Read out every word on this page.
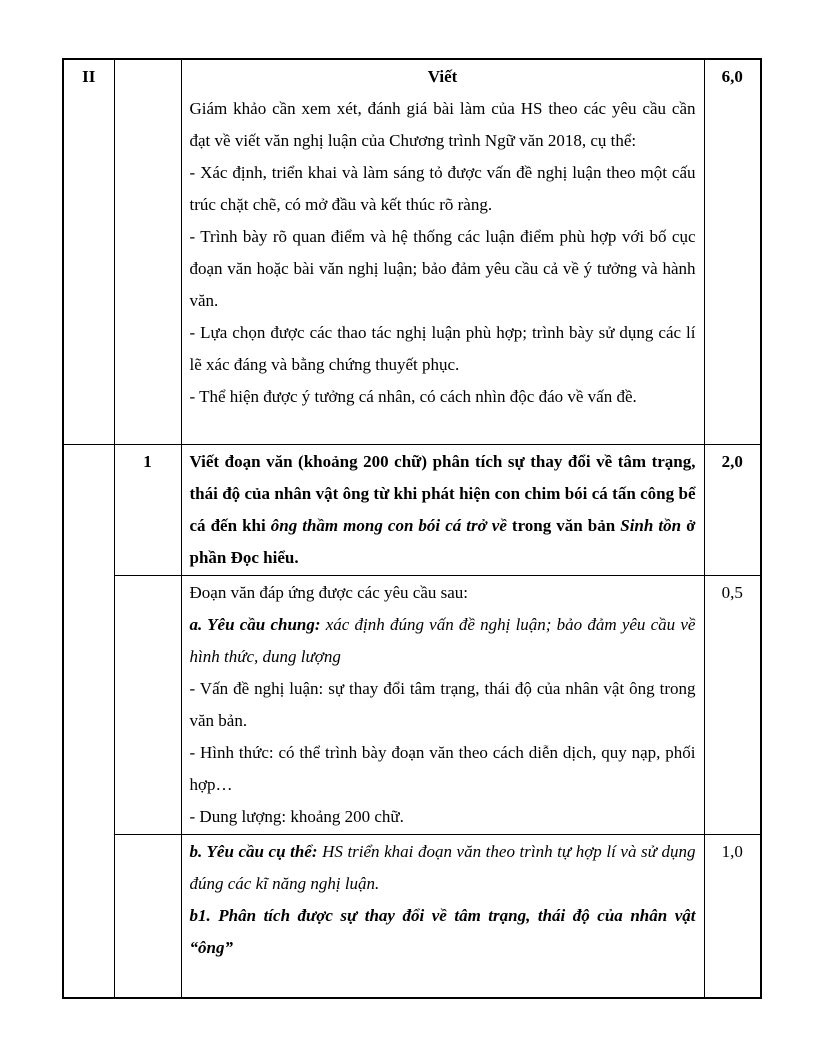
II		Viết

Giám khảo cần xem xét, đánh giá bài làm của HS theo các yêu cầu cần đạt về viết văn nghị luận của Chương trình Ngữ văn 2018, cụ thể:

- Xác định, triển khai và làm sáng tỏ được vấn đề nghị luận theo một cấu trúc chặt chẽ, có mở đầu và kết thúc rõ ràng.

- Trình bày rõ quan điểm và hệ thống các luận điểm phù hợp với bố cục đoạn văn hoặc bài văn nghị luận; bảo đảm yêu cầu cả về ý tưởng và hành văn.

- Lựa chọn được các thao tác nghị luận phù hợp; trình bày sử dụng các lí lẽ xác đáng và bằng chứng thuyết phục.

- Thể hiện được ý tưởng cá nhân, có cách nhìn độc đáo về vấn đề.

	6,0
	1	Viết đoạn văn (khoảng 200 chữ) phân tích sự thay đổi về tâm trạng, thái độ của nhân vật ông từ khi phát hiện con chim bói cá tấn công bể cá đến khi ông thầm mong con bói cá trở về trong văn bản Sinh tồn ở phần Đọc hiểu.	2,0

		Đoạn văn đáp ứng được các yêu cầu sau:

a. Yêu cầu chung: xác định đúng vấn đề nghị luận; bảo đảm yêu cầu về hình thức, dung lượng

- Vấn đề nghị luận: sự thay đổi tâm trạng, thái độ của nhân vật ông trong văn bản.

- Hình thức: có thể trình bày đoạn văn theo cách diễn dịch, quy nạp, phối hợp…

- Dung lượng: khoảng 200 chữ.	0,5

		b. Yêu cầu cụ thể: HS triển khai đoạn văn theo trình tự hợp lí và sử dụng đúng các kĩ năng nghị luận.

b1. Phân tích được sự thay đổi về tâm trạng, thái độ của nhân vật “ông”	1,0
